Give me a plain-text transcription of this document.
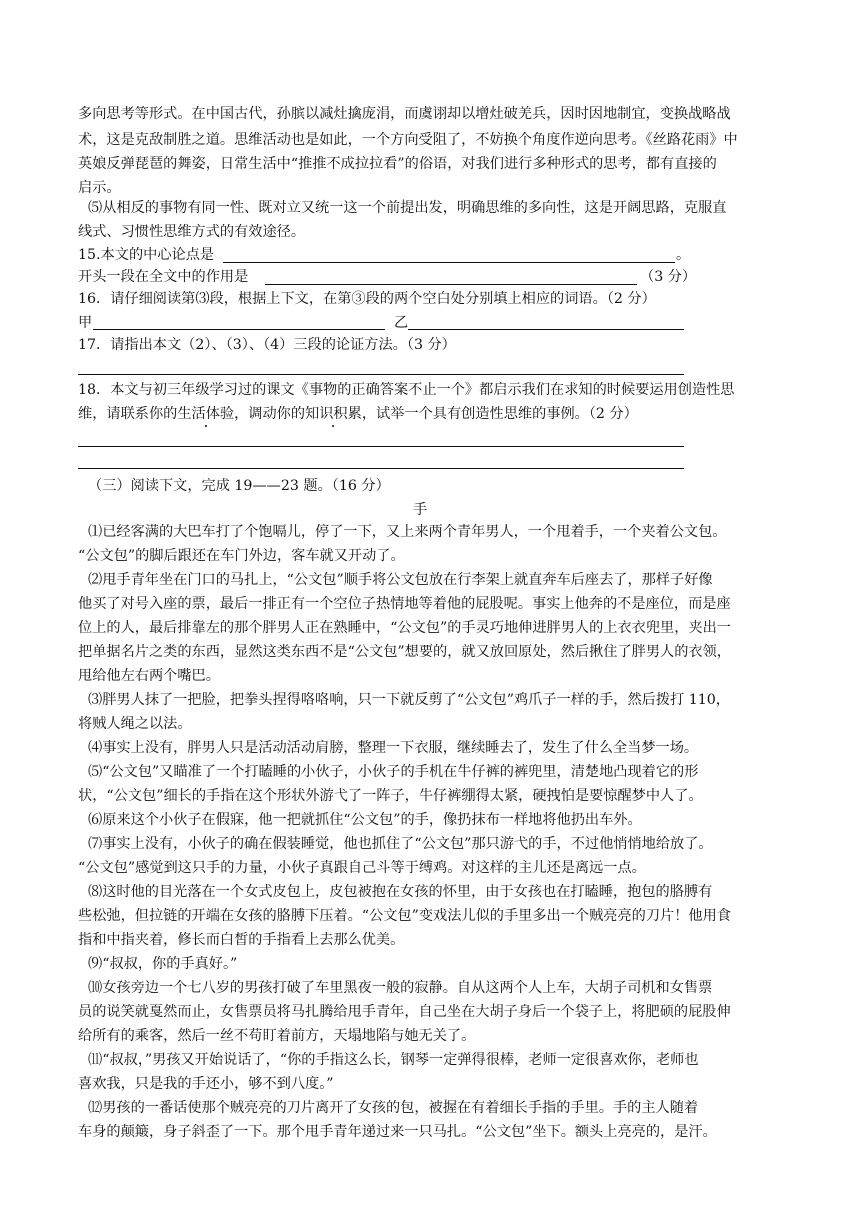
多向思考等形式。在中国古代，孙膑以减灶擒庞涓，而虞诩却以增灶破羌兵，因时因地制宜，变换战略战
术，这是克敌制胜之道。思维活动也是如此，一个方向受阻了，不妨换个角度作逆向思考。《丝路花雨》中
英娘反弹琵琶的舞姿，日常生活中“推推不成拉拉看”的俗语，对我们进行多种形式的思考，都有直接的
启示。
⑸从相反的事物有同一性、既对立又统一这一个前提出发，明确思维的多向性，这是开阔思路，克服直
线式、习惯性思维方式的有效途径。
15.本文的中心论点是	。
开头一段在全文中的作用是	（3 分）
16．请仔细阅读第⑶段，根据上下文，在第③段的两个空白处分别填上相应的词语。（2 分）
甲	乙
17．请指出本文（2）、（3）、（4）三段的论证方法。（3 分）
18．本文与初三年级学习过的课文《事物的正确答案不止一个》都启示我们在求知的时候要运用创造性思
维，请联系你的生活体验，调动你的知识积累，试举一个具有创造性思维的事例。（2 分）
（三）阅读下文，完成 19——23 题。（16 分）
手
⑴已经客满的大巴车打了个饱嗝儿，停了一下，又上来两个青年男人，一个甩着手，一个夹着公文包。
“公文包”的脚后跟还在车门外边，客车就又开动了。
⑵甩手青年坐在门口的马扎上，“公文包”顺手将公文包放在行李架上就直奔车后座去了，那样子好像
他买了对号入座的票，最后一排正有一个空位子热情地等着他的屁股呢。事实上他奔的不是座位，而是座
位上的人，最后排靠左的那个胖男人正在熟睡中，“公文包”的手灵巧地伸进胖男人的上衣衣兜里，夹出一
把单据名片之类的东西，显然这类东西不是“公文包”想要的，就又放回原处，然后揪住了胖男人的衣领，
甩给他左右两个嘴巴。
⑶胖男人抹了一把脸，把拳头捏得咯咯响，只一下就反剪了“公文包”鸡爪子一样的手，然后拨打 110，
将贼人绳之以法。
⑷事实上没有，胖男人只是活动活动肩膀，整理一下衣服，继续睡去了，发生了什么全当梦一场。
⑸“公文包”又瞄准了一个打瞌睡的小伙子，小伙子的手机在牛仔裤的裤兜里，清楚地凸现着它的形
状，“公文包”细长的手指在这个形状外游弋了一阵子，牛仔裤绷得太紧，硬拽怕是要惊醒梦中人了。
⑹原来这个小伙子在假寐，他一把就抓住“公文包”的手，像扔抹布一样地将他扔出车外。
⑺事实上没有，小伙子的确在假装睡觉，他也抓住了“公文包”那只游弋的手，不过他悄悄地给放了。
“公文包”感觉到这只手的力量，小伙子真跟自己斗等于缚鸡。对这样的主儿还是离远一点。
⑻这时他的目光落在一个女式皮包上，皮包被抱在女孩的怀里，由于女孩也在打瞌睡，抱包的胳膊有
些松弛，但拉链的开端在女孩的胳膊下压着。“公文包”变戏法儿似的手里多出一个贼亮亮的刀片！他用食
指和中指夹着，修长而白皙的手指看上去那么优美。
⑼“叔叔，你的手真好。”
⑽女孩旁边一个七八岁的男孩打破了车里黑夜一般的寂静。自从这两个人上车，大胡子司机和女售票
员的说笑就戛然而止，女售票员将马扎腾给甩手青年，自己坐在大胡子身后一个袋子上，将肥硕的屁股伸
给所有的乘客，然后一丝不苟盯着前方，天塌地陷与她无关了。
⑾“叔叔，”男孩又开始说话了，“你的手指这么长，钢琴一定弹得很棒，老师一定很喜欢你，老师也
喜欢我，只是我的手还小，够不到八度。”
⑿男孩的一番话使那个贼亮亮的刀片离开了女孩的包，被握在有着细长手指的手里。手的主人随着
车身的颠簸，身子斜歪了一下。那个甩手青年递过来一只马扎。“公文包”坐下。额头上亮亮的，是汗。
